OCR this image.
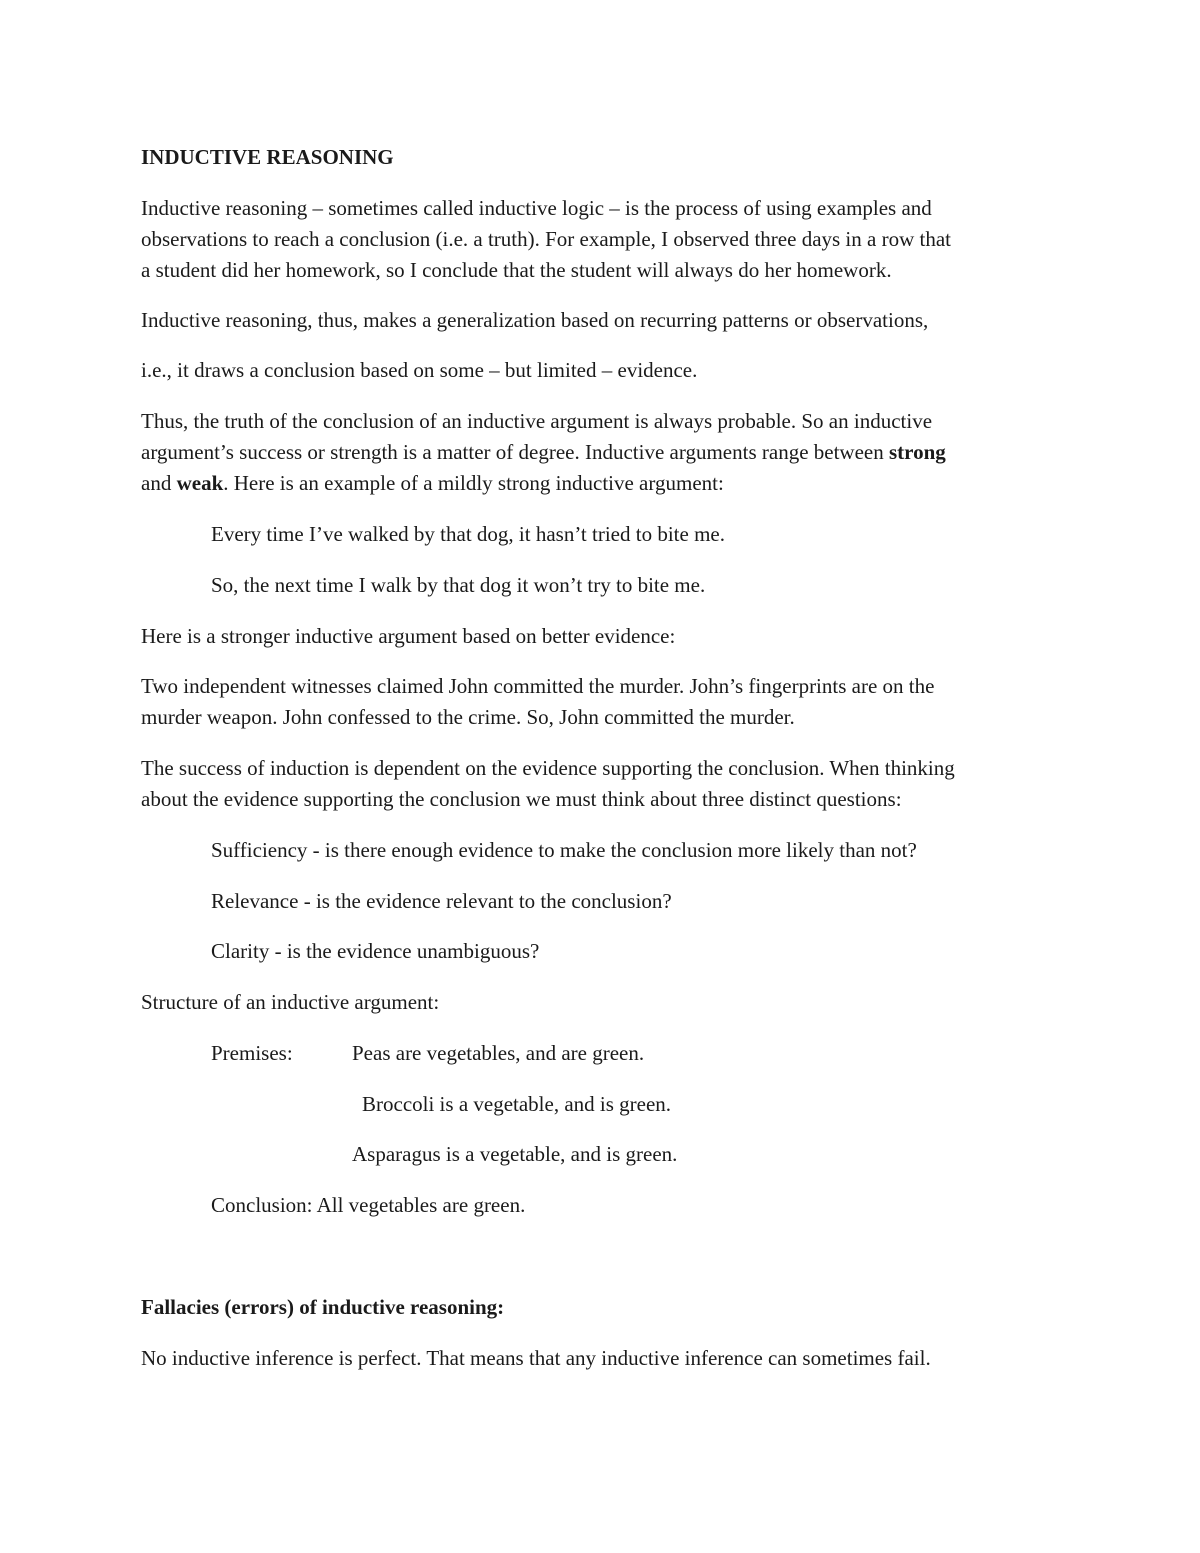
INDUCTIVE REASONING
Inductive reasoning – sometimes called inductive logic – is the process of using examples and
observations to reach a conclusion (i.e. a truth). For example, I observed three days in a row that
a student did her homework, so I conclude that the student will always do her homework.
Inductive reasoning, thus, makes a generalization based on recurring patterns or observations,
i.e., it draws a conclusion based on some – but limited – evidence.
Thus, the truth of the conclusion of an inductive argument is always probable. So an inductive
argument’s success or strength is a matter of degree. Inductive arguments range between strong
and weak. Here is an example of a mildly strong inductive argument:
Every time I’ve walked by that dog, it hasn’t tried to bite me.
So, the next time I walk by that dog it won’t try to bite me.
Here is a stronger inductive argument based on better evidence:
Two independent witnesses claimed John committed the murder. John’s fingerprints are on the
murder weapon. John confessed to the crime. So, John committed the murder.
The success of induction is dependent on the evidence supporting the conclusion. When thinking
about the evidence supporting the conclusion we must think about three distinct questions:
Sufficiency - is there enough evidence to make the conclusion more likely than not?
Relevance - is the evidence relevant to the conclusion?
Clarity - is the evidence unambiguous?
Structure of an inductive argument:
Premises:	Peas are vegetables, and are green.
Broccoli is a vegetable, and is green.
Asparagus is a vegetable, and is green.
Conclusion: All vegetables are green.
Fallacies (errors) of inductive reasoning:
No inductive inference is perfect. That means that any inductive inference can sometimes fail.
